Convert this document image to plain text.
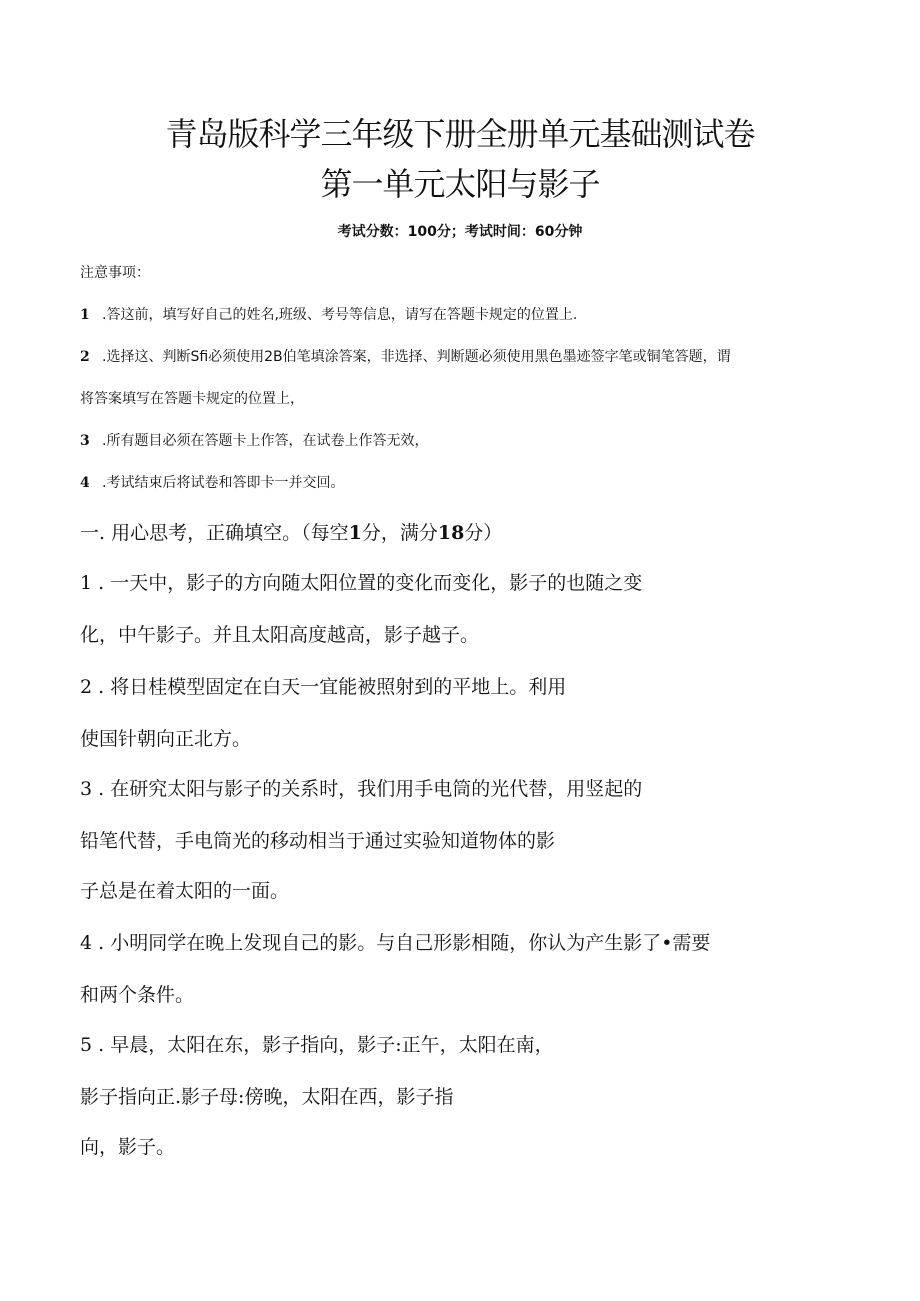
青岛版科学三年级下册全册单元基础测试卷
第一单元太阳与影子
考试分数：100分；考试时间：60分钟
注意事项：
1 .答这前，填写好自己的姓名,班级、考号等信息，请写在答题卡规定的位置上.
2 .选择这、判断Sfi必须使用2B伯笔填涂答案，非选择、判断题必须使用黑色墨迹签字笔或铜笔答题，谓
将答案填写在答题卡规定的位置上，
3 .所有题目必须在答题卡上作答，在试卷上作答无效，
4 .考试结束后将试卷和答即卡一并交回。
一. 用心思考，正确填空。（每空1分，满分18分）
1 . 一天中，影子的方向随太阳位置的变化而变化，影子的也随之变
化，中午影子。并且太阳高度越高，影子越子。
2 . 将日桂模型固定在白天一宜能被照射到的平地上。利用
使国针朝向正北方。
3 . 在研究太阳与影子的关系时，我们用手电筒的光代替，用竖起的
铅笔代替，手电筒光的移动相当于通过实验知道物体的影
子总是在着太阳的一面。
4 . 小明同学在晚上发现自己的影。与自己形影相随，你认为产生影了•需要
和两个条件。
5 . 早晨，太阳在东，影子指向，影子:正午，太阳在南，
影子指向正.影子母:傍晚，太阳在西，影子指
向，影子。
